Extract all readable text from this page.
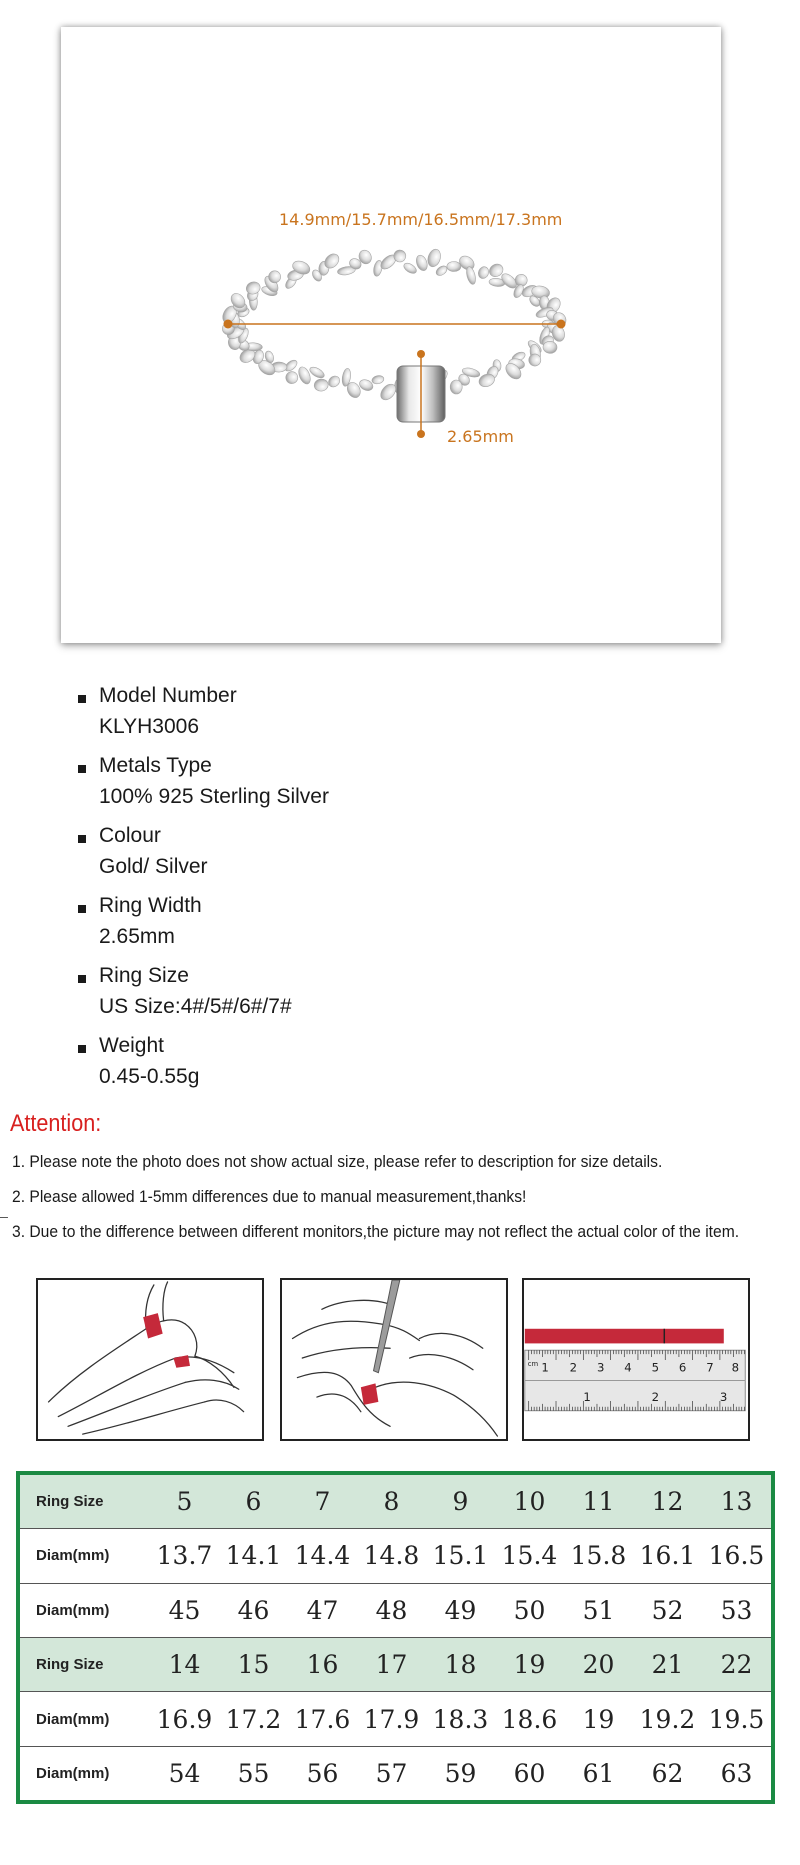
14.9mm/15.7mm/16.5mm/17.3mm
2.65mm
Model Number
KLYH3006
Metals Type
100% 925 Sterling Silver
Colour
Gold/ Silver
Ring Width
2.65mm
Ring Size
US Size:4#/5#/6#/7#
Weight
0.45-0.55g
Attention:
1. Please note the photo does not show actual size, please refer to description for size details.
_
2. Please allowed 1-5mm differences due to manual measurement,thanks!
3. Due to the difference between different monitors,the picture may not reflect the actual color of the item.
1 2 3 4 5 6 7 8
1	2	3
cm
Ring Size	5	6	7	8	9	10	11	12	13
Diam(mm)	13.7	14.1	14.4	14.8	15.1	15.4	15.8	16.1	16.5
Diam(mm)	45	46	47	48	49	50	51	52	53
Ring Size	14	15	16	17	18	19	20	21	22
Diam(mm)	16.9	17.2	17.6	17.9	18.3	18.6	19	19.2	19.5
Diam(mm)	54	55	56	57	59	60	61	62	63
